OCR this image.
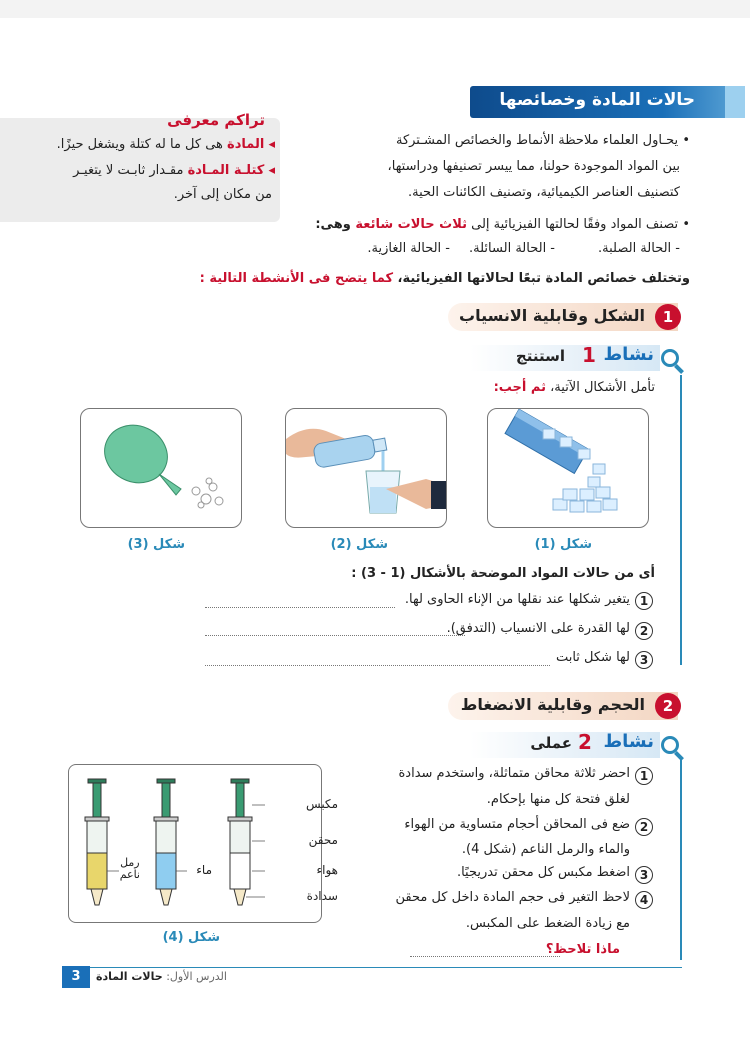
حالات المادة وخصائصها
تراكم معرفى
◂ المادة هى كل ما له كتلة ويشغل حيزًا.
◂ كتلـة المـادة مقـدار ثابـت لا يتغيـر
من مكان إلى آخر.
• يحـاول العلماء ملاحظة الأنماط والخصائص المشـتركة
بين المواد الموجودة حولنا، مما ييسر تصنيفها ودراستها،
كتصنيف العناصر الكيميائية، وتصنيف الكائنات الحية.
• تصنف المواد وفقًا لحالتها الفيزيائية إلى ثلاث حالات شائعة وهى:
- الحالة الصلبة.
- الحالة السائلة.
- الحالة الغازية.
وتختلف خصائص المادة تبعًا لحالاتها الفيزيائية، كما يتضح فى الأنشطة التالية :
1
الشكل وقابلية الانسياب
نشاط
1
استنتج
تأمل الأشكال الآتية، ثم أجب:
شكل (1)
شكل (2)
شكل (3)
أى من حالات المواد الموضحة بالأشكال (1 - 3) :
1
يتغير شكلها عند نقلها من الإناء الحاوى لها.
2
لها القدرة على الانسياب (التدفق).
3
لها شكل ثابت
2
الحجم وقابلية الانضغاط
نشاط
2
عملى
1
احضر ثلاثة محاقن متماثلة، واستخدم سدادة
لغلق فتحة كل منها بإحكام.
2
ضع فى المحاقن أحجام متساوية من الهواء
والماء والرمل الناعم (شكل 4).
3
اضغط مكبس كل محقن تدريجيًا.
4
لاحظ التغير فى حجم المادة داخل كل محقن
مع زيادة الضغط على المكبس.
ماذا تلاحظ؟
مكبس
محقن
هواء
سدادة
ماء
رمل
ناعم
شكل (4)
3	الدرس الأول: حالات المادة
